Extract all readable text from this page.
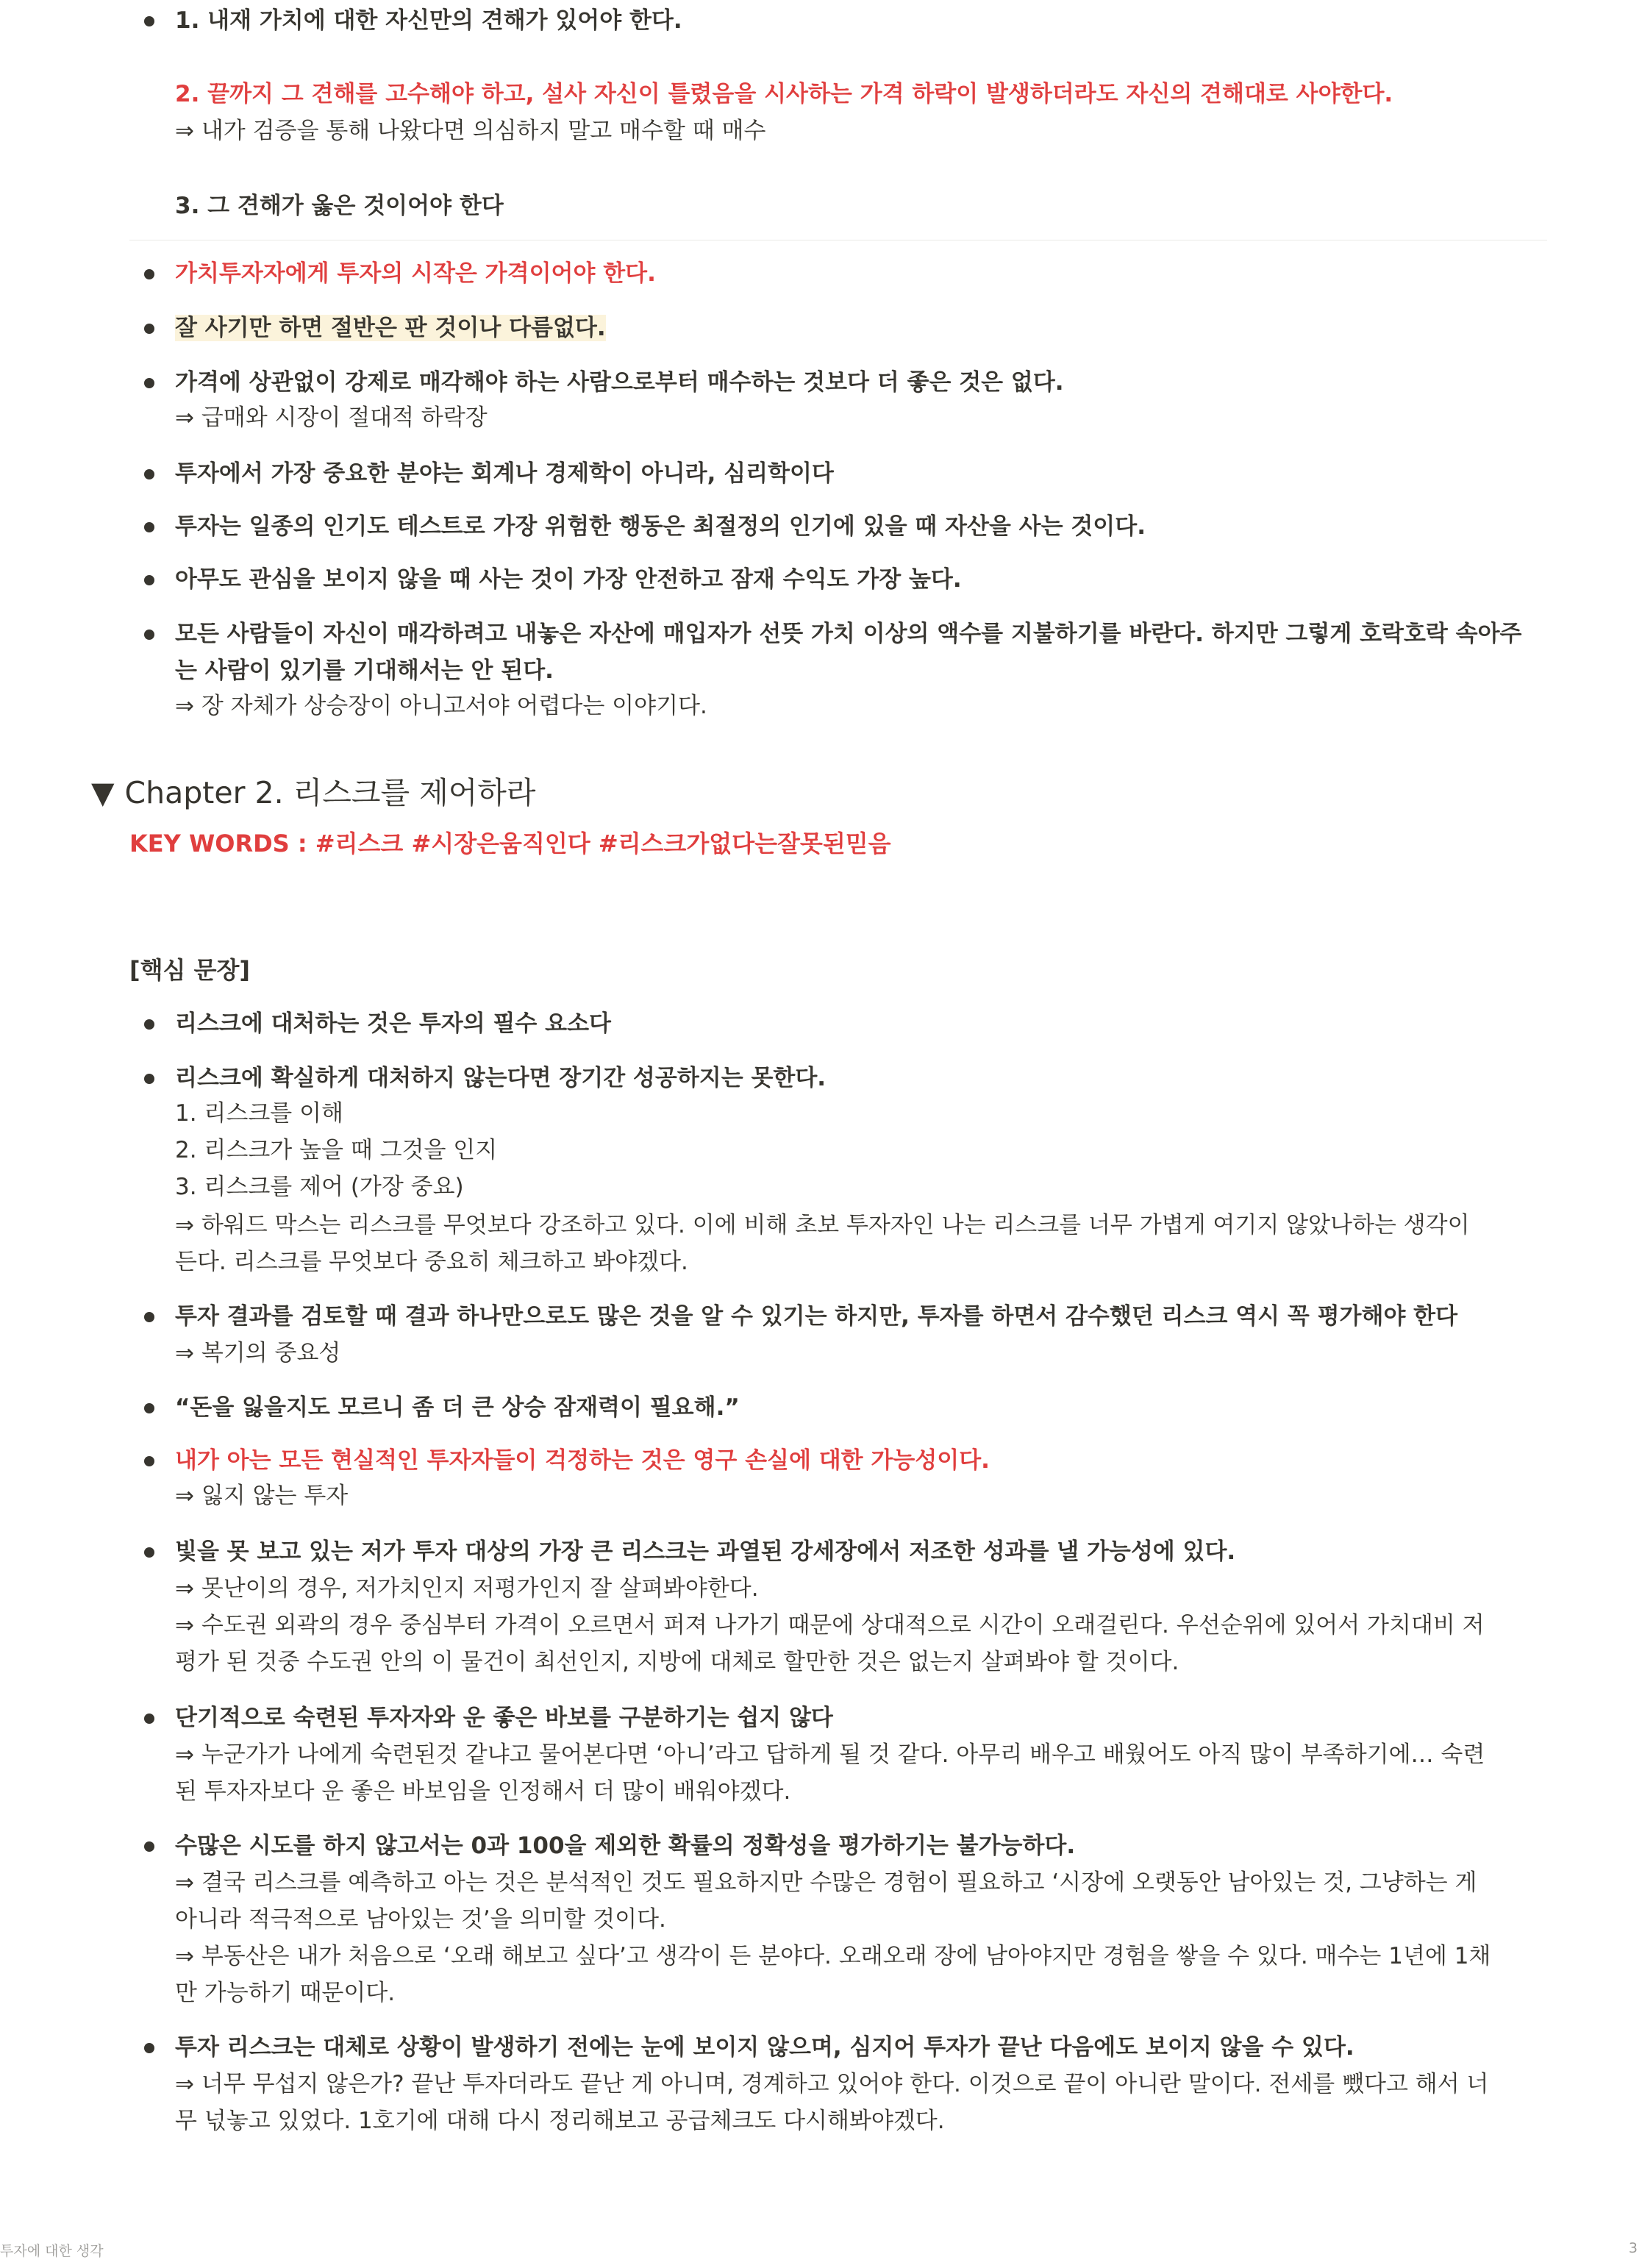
1. 내재 가치에 대한 자신만의 견해가 있어야 한다.
2. 끝까지 그 견해를 고수해야 하고, 설사 자신이 틀렸음을 시사하는 가격 하락이 발생하더라도 자신의 견해대로 사야한다.
⇒ 내가 검증을 통해 나왔다면 의심하지 말고 매수할 때 매수
3. 그 견해가 옳은 것이어야 한다
가치투자자에게 투자의 시작은 가격이어야 한다.
잘 사기만 하면 절반은 판 것이나 다름없다.
가격에 상관없이 강제로 매각해야 하는 사람으로부터 매수하는 것보다 더 좋은 것은 없다.
⇒ 급매와 시장이 절대적 하락장
투자에서 가장 중요한 분야는 회계나 경제학이 아니라, 심리학이다
투자는 일종의 인기도 테스트로 가장 위험한 행동은 최절정의 인기에 있을 때 자산을 사는 것이다.
아무도 관심을 보이지 않을 때 사는 것이 가장 안전하고 잠재 수익도 가장 높다.
모든 사람들이 자신이 매각하려고 내놓은 자산에 매입자가 선뜻 가치 이상의 액수를 지불하기를 바란다. 하지만 그렇게 호락호락 속아주
는 사람이 있기를 기대해서는 안 된다.
⇒ 장 자체가 상승장이 아니고서야 어렵다는 이야기다.
▼ Chapter 2. 리스크를 제어하라
KEY WORDS : #리스크 #시장은움직인다 #리스크가없다는잘못된믿음
[핵심 문장]
리스크에 대처하는 것은 투자의 필수 요소다
리스크에 확실하게 대처하지 않는다면 장기간 성공하지는 못한다.
1. 리스크를 이해
2. 리스크가 높을 때 그것을 인지
3. 리스크를 제어 (가장 중요)
⇒ 하워드 막스는 리스크를 무엇보다 강조하고 있다. 이에 비해 초보 투자자인 나는 리스크를 너무 가볍게 여기지 않았나하는 생각이
든다. 리스크를 무엇보다 중요히 체크하고 봐야겠다.
투자 결과를 검토할 때 결과 하나만으로도 많은 것을 알 수 있기는 하지만, 투자를 하면서 감수했던 리스크 역시 꼭 평가해야 한다
⇒ 복기의 중요성
“돈을 잃을지도 모르니 좀 더 큰 상승 잠재력이 필요해.”
내가 아는 모든 현실적인 투자자들이 걱정하는 것은 영구 손실에 대한 가능성이다.
⇒ 잃지 않는 투자
빛을 못 보고 있는 저가 투자 대상의 가장 큰 리스크는 과열된 강세장에서 저조한 성과를 낼 가능성에 있다.
⇒ 못난이의 경우, 저가치인지 저평가인지 잘 살펴봐야한다.
⇒ 수도권 외곽의 경우 중심부터 가격이 오르면서 퍼져 나가기 때문에 상대적으로 시간이 오래걸린다. 우선순위에 있어서 가치대비 저
평가 된 것중 수도권 안의 이 물건이 최선인지, 지방에 대체로 할만한 것은 없는지 살펴봐야 할 것이다.
단기적으로 숙련된 투자자와 운 좋은 바보를 구분하기는 쉽지 않다
⇒ 누군가가 나에게 숙련된것 같냐고 물어본다면 ‘아니’라고 답하게 될 것 같다. 아무리 배우고 배웠어도 아직 많이 부족하기에… 숙련
된 투자자보다 운 좋은 바보임을 인정해서 더 많이 배워야겠다.
수많은 시도를 하지 않고서는 0과 100을 제외한 확률의 정확성을 평가하기는 불가능하다.
⇒ 결국 리스크를 예측하고 아는 것은 분석적인 것도 필요하지만 수많은 경험이 필요하고 ‘시장에 오랫동안 남아있는 것, 그냥하는 게
아니라 적극적으로 남아있는 것’을 의미할 것이다.
⇒ 부동산은 내가 처음으로 ‘오래 해보고 싶다’고 생각이 든 분야다. 오래오래 장에 남아야지만 경험을 쌓을 수 있다. 매수는 1년에 1채
만 가능하기 때문이다.
투자 리스크는 대체로 상황이 발생하기 전에는 눈에 보이지 않으며, 심지어 투자가 끝난 다음에도 보이지 않을 수 있다.
⇒ 너무 무섭지 않은가? 끝난 투자더라도 끝난 게 아니며, 경계하고 있어야 한다. 이것으로 끝이 아니란 말이다. 전세를 뺐다고 해서 너
무 넋놓고 있었다. 1호기에 대해 다시 정리해보고 공급체크도 다시해봐야겠다.
투자에 대한 생각	3
